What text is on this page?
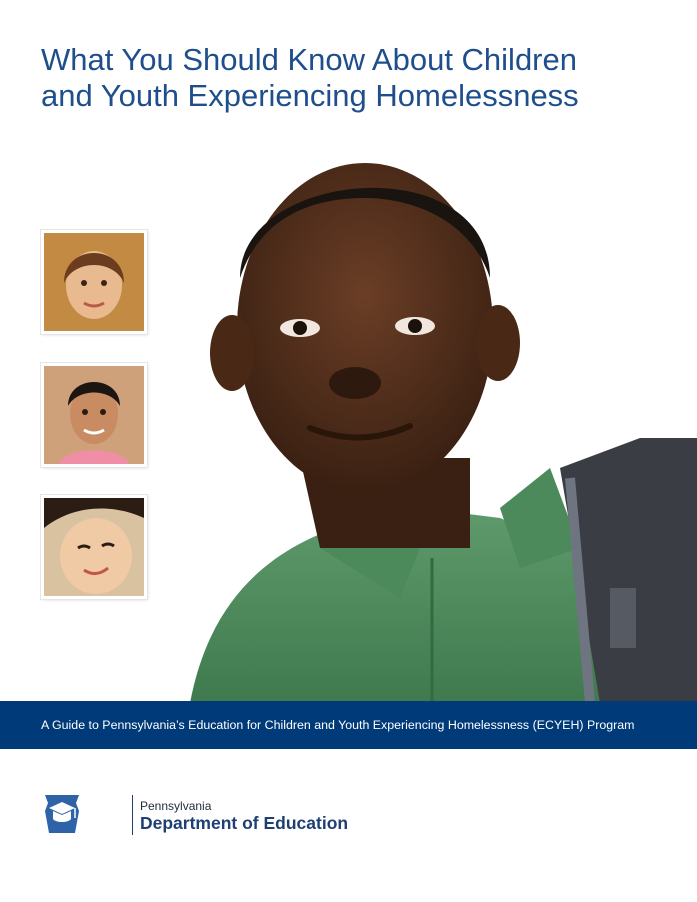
What You Should Know About Children
and Youth Experiencing Homelessness
A Guide to Pennsylvania’s Education for Children and Youth Experiencing Homelessness (ECYEH) Program
Pennsylvania
Department of Education
